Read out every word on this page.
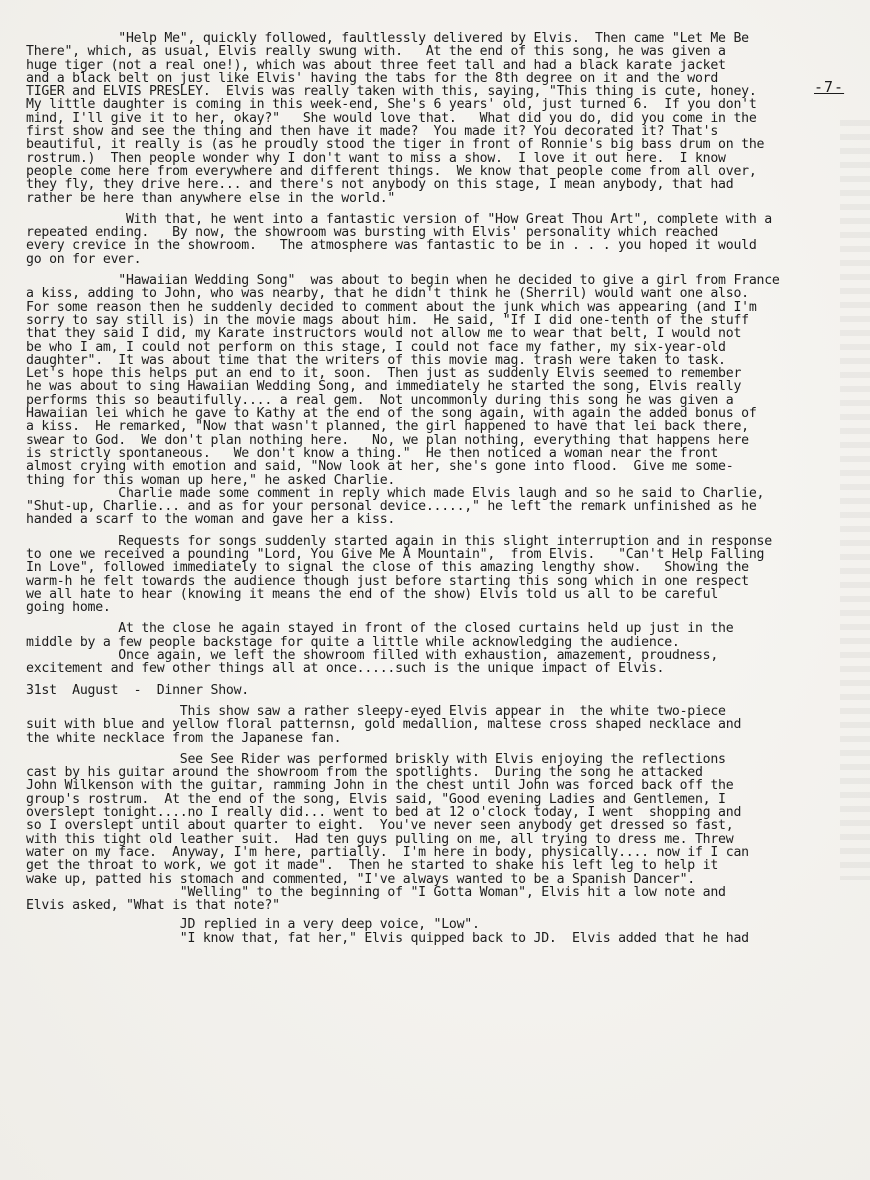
-7-
"Help Me", quickly followed, faultlessly delivered by Elvis.  Then came "Let Me Be
There", which, as usual, Elvis really swung with.   At the end of this song, he was given a
huge tiger (not a real one!), which was about three feet tall and had a black karate jacket
and a black belt on just like Elvis' having the tabs for the 8th degree on it and the word
TIGER and ELVIS PRESLEY.  Elvis was really taken with this, saying, "This thing is cute, honey.
My little daughter is coming in this week-end, She's 6 years' old, just turned 6.  If you don't
mind, I'll give it to her, okay?"   She would love that.   What did you do, did you come in the
first show and see the thing and then have it made?  You made it? You decorated it? That's
beautiful, it really is (as he proudly stood the tiger in front of Ronnie's big bass drum on the
rostrum.)  Then people wonder why I don't want to miss a show.  I love it out here.  I know
people come here from everywhere and different things.  We know that people come from all over,
they fly, they drive here... and there's not anybody on this stage, I mean anybody, that had
rather be here than anywhere else in the world."
With that, he went into a fantastic version of "How Great Thou Art", complete with a
repeated ending.   By now, the showroom was bursting with Elvis' personality which reached
every crevice in the showroom.   The atmosphere was fantastic to be in . . . you hoped it would
go on for ever.
"Hawaiian Wedding Song"  was about to begin when he decided to give a girl from France
a kiss, adding to John, who was nearby, that he didn't think he (Sherril) would want one also.
For some reason then he suddenly decided to comment about the junk which was appearing (and I'm
sorry to say still is) in the movie mags about him.  He said, "If I did one-tenth of the stuff
that they said I did, my Karate instructors would not allow me to wear that belt, I would not
be who I am, I could not perform on this stage, I could not face my father, my six-year-old
daughter".  It was about time that the writers of this movie mag. trash were taken to task.
Let's hope this helps put an end to it, soon.  Then just as suddenly Elvis seemed to remember
he was about to sing Hawaiian Wedding Song, and immediately he started the song, Elvis really
performs this so beautifully.... a real gem.  Not uncommonly during this song he was given a
Hawaiian lei which he gave to Kathy at the end of the song again, with again the added bonus of
a kiss.  He remarked, "Now that wasn't planned, the girl happened to have that lei back there,
swear to God.  We don't plan nothing here.   No, we plan nothing, everything that happens here
is strictly spontaneous.   We don't know a thing."  He then noticed a woman near the front
almost crying with emotion and said, "Now look at her, she's gone into flood.  Give me some-
thing for this woman up here," he asked Charlie.
Charlie made some comment in reply which made Elvis laugh and so he said to Charlie,
"Shut-up, Charlie... and as for your personal device.....," he left the remark unfinished as he
handed a scarf to the woman and gave her a kiss.
Requests for songs suddenly started again in this slight interruption and in response
to one we received a pounding "Lord, You Give Me A Mountain",  from Elvis.   "Can't Help Falling
In Love", followed immediately to signal the close of this amazing lengthy show.   Showing the
warm-h he felt towards the audience though just before starting this song which in one respect
we all hate to hear (knowing it means the end of the show) Elvis told us all to be careful
going home.
At the close he again stayed in front of the closed curtains held up just in the
middle by a few people backstage for quite a little while acknowledging the audience.
Once again, we left the showroom filled with exhaustion, amazement, proudness,
excitement and few other things all at once.....such is the unique impact of Elvis.
31st  August  -  Dinner Show.
This show saw a rather sleepy-eyed Elvis appear in  the white two-piece
suit with blue and yellow floral patternsn, gold medallion, maltese cross shaped necklace and
the white necklace from the Japanese fan.
See See Rider was performed briskly with Elvis enjoying the reflections
cast by his guitar around the showroom from the spotlights.  During the song he attacked
John Wilkenson with the guitar, ramming John in the chest until John was forced back off the
group's rostrum.  At the end of the song, Elvis said, "Good evening Ladies and Gentlemen, I
overslept tonight....no I really did... went to bed at 12 o'clock today, I went  shopping and
so I overslept until about quarter to eight.  You've never seen anybody get dressed so fast,
with this tight old leather suit.  Had ten guys pulling on me, all trying to dress me. Threw
water on my face.  Anyway, I'm here, partially.  I'm here in body, physically.... now if I can
get the throat to work, we got it made".  Then he started to shake his left leg to help it
wake up, patted his stomach and commented, "I've always wanted to be a Spanish Dancer".
"Welling" to the beginning of "I Gotta Woman", Elvis hit a low note and
Elvis asked, "What is that note?"
JD replied in a very deep voice, "Low".
"I know that, fat her," Elvis quipped back to JD.  Elvis added that he had
